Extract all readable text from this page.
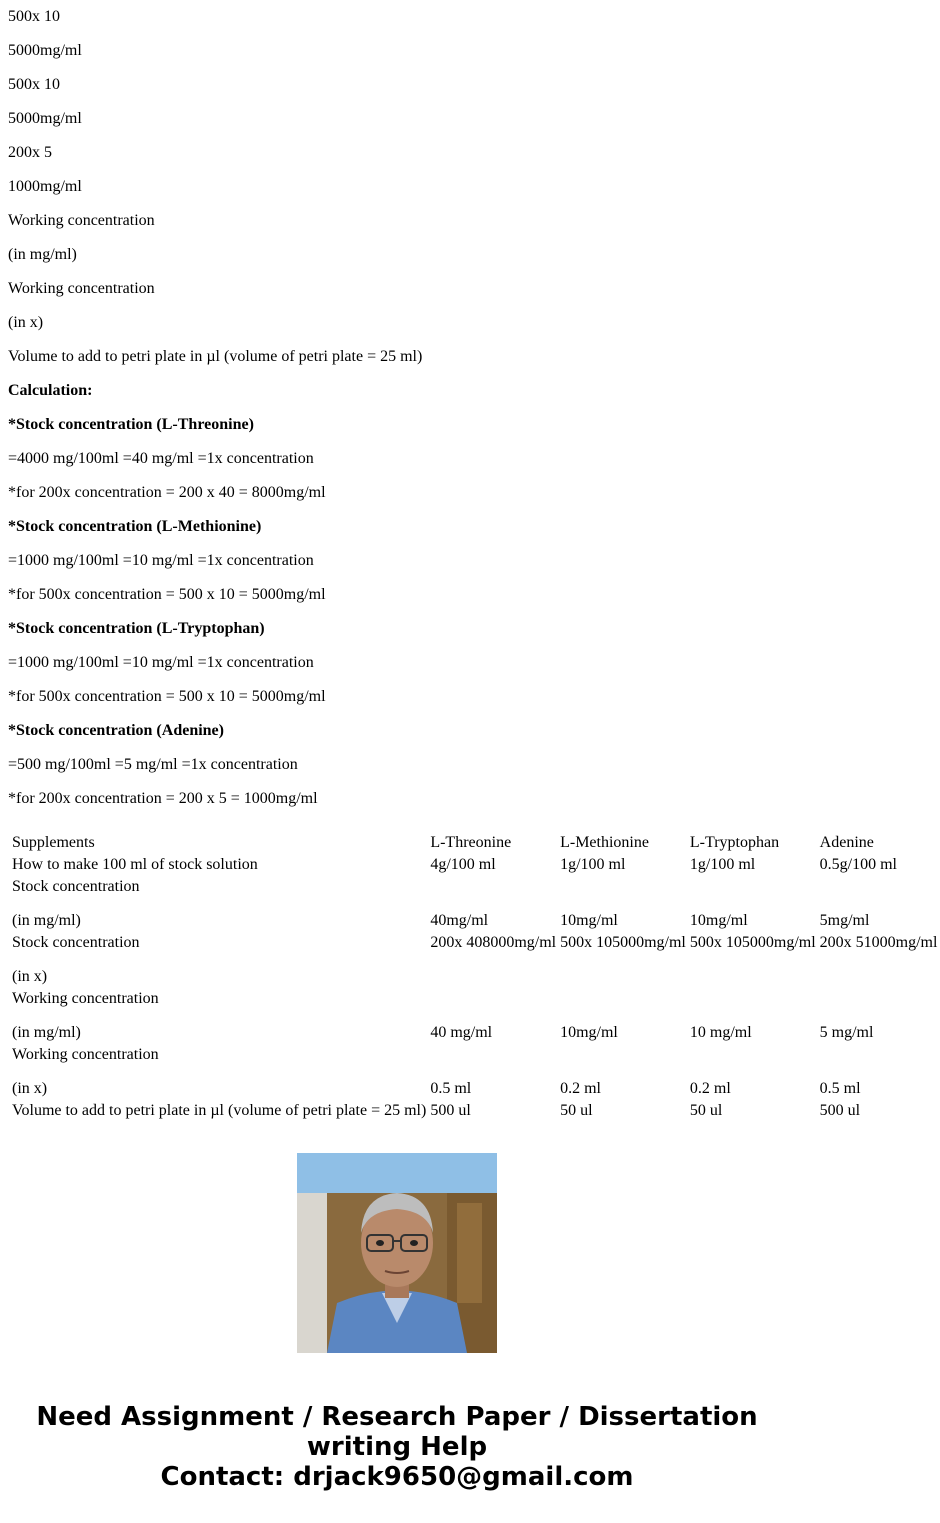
500x 10

5000mg/ml

500x 10

5000mg/ml

200x 5

1000mg/ml

Working concentration

(in mg/ml)

Working concentration

(in x)

Volume to add to petri plate in µl (volume of petri plate = 25 ml)

Calculation:

*Stock concentration (L-Threonine)

=4000 mg/100ml =40 mg/ml =1x concentration

*for 200x concentration = 200 x 40 = 8000mg/ml

*Stock concentration (L-Methionine)

=1000 mg/100ml =10 mg/ml =1x concentration

*for 500x concentration = 500 x 10 = 5000mg/ml

*Stock concentration (L-Tryptophan)

=1000 mg/100ml =10 mg/ml =1x concentration

*for 500x concentration = 500 x 10 = 5000mg/ml

*Stock concentration (Adenine)

=500 mg/100ml =5 mg/ml =1x concentration

*for 200x concentration = 200 x 5 = 1000mg/ml

Supplements	L-Threonine	L-Methionine	L-Tryptophan	Adenine
How to make 100 ml of stock solution	4g/100 ml	1g/100 ml	1g/100 ml	0.5g/100 ml

Stock concentration
(in mg/ml)	40mg/ml	10mg/ml	10mg/ml	5mg/ml

Stock concentration
(in x)	200x 408000mg/ml	500x 105000mg/ml	500x 105000mg/ml	200x 51000mg/ml

Working concentration
(in mg/ml)	40 mg/ml	10mg/ml	10 mg/ml	5 mg/ml

Working concentration
(in x)	0.5 ml	0.2 ml	0.2 ml	0.5 ml

Volume to add to petri plate in µl (volume of petri plate = 25 ml)	500 ul	50 ul	50 ul	500 ul
Need Assignment / Research Paper / Dissertation
writing Help
Contact: drjack9650@gmail.com
